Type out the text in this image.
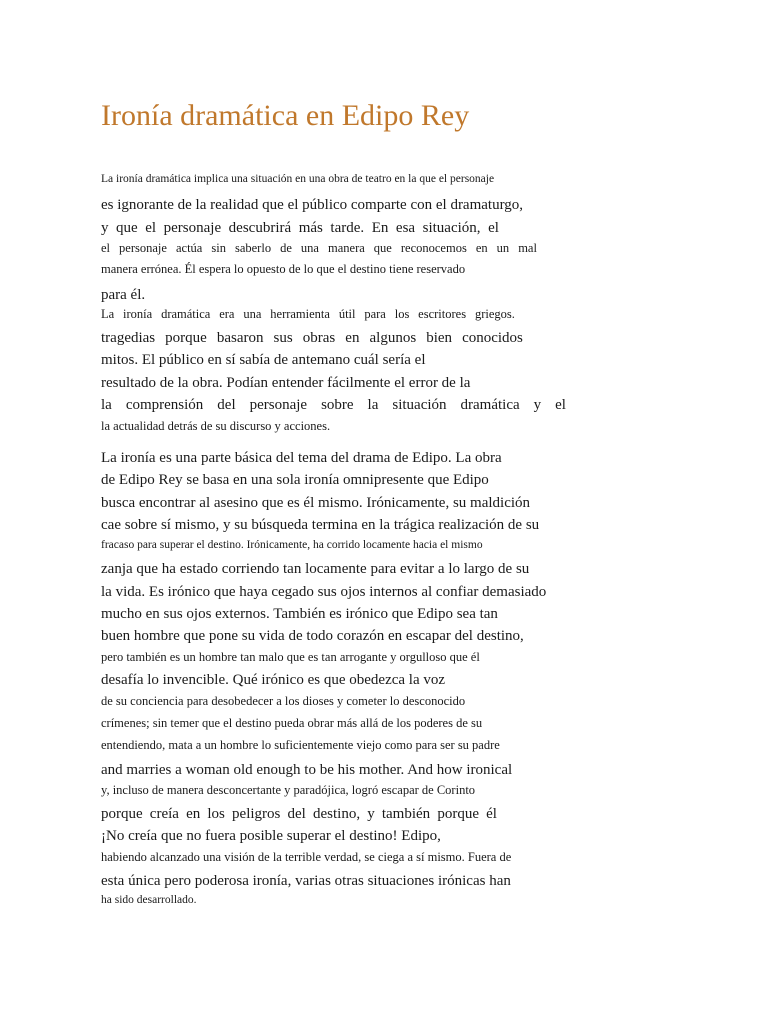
Ironía dramática en Edipo Rey
La ironía dramática implica una situación en una obra de teatro en la que el personaje
es ignorante de la realidad que el público comparte con el dramaturgo,
y que el personaje descubrirá más tarde. En esa situación, el
el personaje actúa sin saberlo de una manera que reconocemos en un mal
manera errónea. Él espera lo opuesto de lo que el destino tiene reservado
para él.
La ironía dramática era una herramienta útil para los escritores griegos.
tragedias porque basaron sus obras en algunos bien conocidos
mitos. El público en sí sabía de antemano cuál sería el
resultado de la obra. Podían entender fácilmente el error de la
la comprensión del personaje sobre la situación dramática y el
la actualidad detrás de su discurso y acciones.
La ironía es una parte básica del tema del drama de Edipo. La obra
de Edipo Rey se basa en una sola ironía omnipresente que Edipo
busca encontrar al asesino que es él mismo. Irónicamente, su maldición
cae sobre sí mismo, y su búsqueda termina en la trágica realización de su
fracaso para superar el destino. Irónicamente, ha corrido locamente hacia el mismo
zanja que ha estado corriendo tan locamente para evitar a lo largo de su
la vida. Es irónico que haya cegado sus ojos internos al confiar demasiado
mucho en sus ojos externos. También es irónico que Edipo sea tan
buen hombre que pone su vida de todo corazón en escapar del destino,
pero también es un hombre tan malo que es tan arrogante y orgulloso que él
desafía lo invencible. Qué irónico es que obedezca la voz
de su conciencia para desobedecer a los dioses y cometer lo desconocido
crímenes; sin temer que el destino pueda obrar más allá de los poderes de su
entendiendo, mata a un hombre lo suficientemente viejo como para ser su padre
and marries a woman old enough to be his mother. And how ironical
y, incluso de manera desconcertante y paradójica, logró escapar de Corinto
porque creía en los peligros del destino, y también porque él
¡No creía que no fuera posible superar el destino! Edipo,
habiendo alcanzado una visión de la terrible verdad, se ciega a sí mismo. Fuera de
esta única pero poderosa ironía, varias otras situaciones irónicas han
ha sido desarrollado.
